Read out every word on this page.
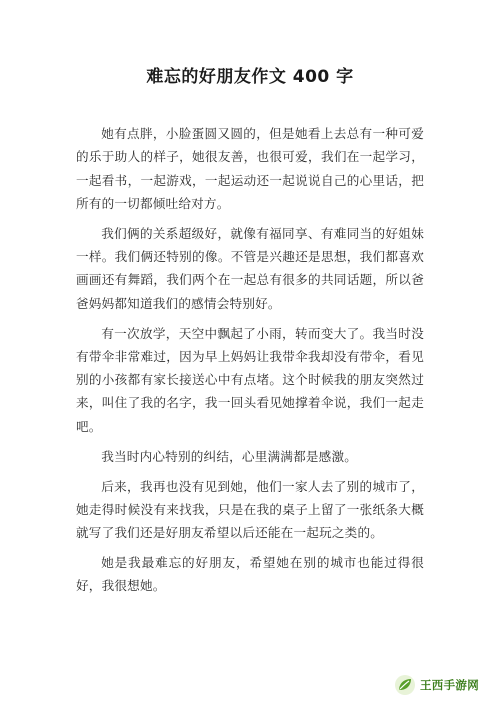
难忘的好朋友作文 400 字

她有点胖，小脸蛋圆又圆的，但是她看上去总有一种可爱的乐于助人的样子，她很友善，也很可爱，我们在一起学习，一起看书，一起游戏，一起运动还一起说说自己的心里话，把所有的一切都倾吐给对方。

我们俩的关系超级好，就像有福同享、有难同当的好姐妹一样。我们俩还特别的像。不管是兴趣还是思想，我们都喜欢画画还有舞蹈，我们两个在一起总有很多的共同话题，所以爸爸妈妈都知道我们的感情会特别好。

有一次放学，天空中飘起了小雨，转而变大了。我当时没有带伞非常难过，因为早上妈妈让我带伞我却没有带伞，看见别的小孩都有家长接送心中有点堵。这个时候我的朋友突然过来，叫住了我的名字，我一回头看见她撑着伞说，我们一起走吧。

我当时内心特别的纠结，心里满满都是感激。

后来，我再也没有见到她，他们一家人去了别的城市了，她走得时候没有来找我，只是在我的桌子上留了一张纸条大概就写了我们还是好朋友希望以后还能在一起玩之类的。

她是我最难忘的好朋友，希望她在别的城市也能过得很好，我很想她。

王西手游网
